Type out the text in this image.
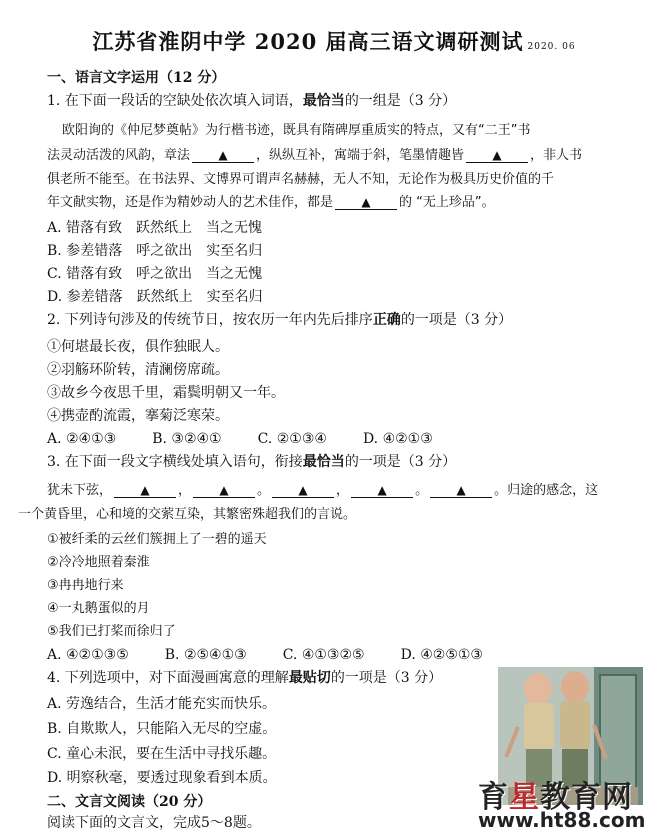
江苏省淮阴中学 2020 届高三语文调研测试 2020. 06
一、语言文字运用（12 分）
1. 在下面一段话的空缺处依次填入词语，最恰当的一组是（3 分）
欧阳询的《仲尼梦奠帖》为行楷书迹，既具有隋碑厚重质实的特点，又有“二王”书
法灵动活泼的风韵，章法 ▲ ，纵纵互补，寓端于斜，笔墨情趣皆 ▲ ，非人书
俱老所不能至。在书法界、文博界可谓声名赫赫，无人不知，无论作为极具历史价值的千
年文献实物，还是作为精妙动人的艺术佳作，都是 ▲ 的 “无上珍品”。
A. 错落有致　跃然纸上　当之无愧
B. 参差错落　呼之欲出　实至名归
C. 错落有致　呼之欲出　当之无愧
D. 参差错落　跃然纸上　实至名归
2. 下列诗句涉及的传统节日，按农历一年内先后排序正确的一项是（3 分）
①何堪最长夜，俱作独眠人。
②羽觞环阶转，清澜傍席疏。
③故乡今夜思千里，霜鬓明朝又一年。
④携壶酌流霞，搴菊泛寒荣。
A. ②④①③	B. ③②④①	C. ②①③④	D. ④②①③
3. 在下面一段文字横线处填入语句，衔接最恰当的一项是（3 分）
犹未下弦， ▲ ， ▲ 。 ▲ ， ▲ 。 ▲ 。归途的感念，这
一个黄昏里，心和境的交萦互染，其繁密殊超我们的言说。
①被纤柔的云丝们簇拥上了一碧的遥天
②冷冷地照着秦淮
③冉冉地行来
④一丸鹅蛋似的月
⑤我们已打桨而徐归了
A. ④②①③⑤	B. ②⑤④①③	C. ④①③②⑤	D. ④②⑤①③
4. 下列选项中，对下面漫画寓意的理解最贴切的一项是（3 分）
A. 劳逸结合，生活才能充实而快乐。
B. 自欺欺人，只能陷入无尽的空虚。
C. 童心未泯，要在生活中寻找乐趣。
D. 明察秋毫，要透过现象看到本质。
二、文言文阅读（20 分）
阅读下面的文言文，完成5～8题。
育星教育网
www.ht88.com
